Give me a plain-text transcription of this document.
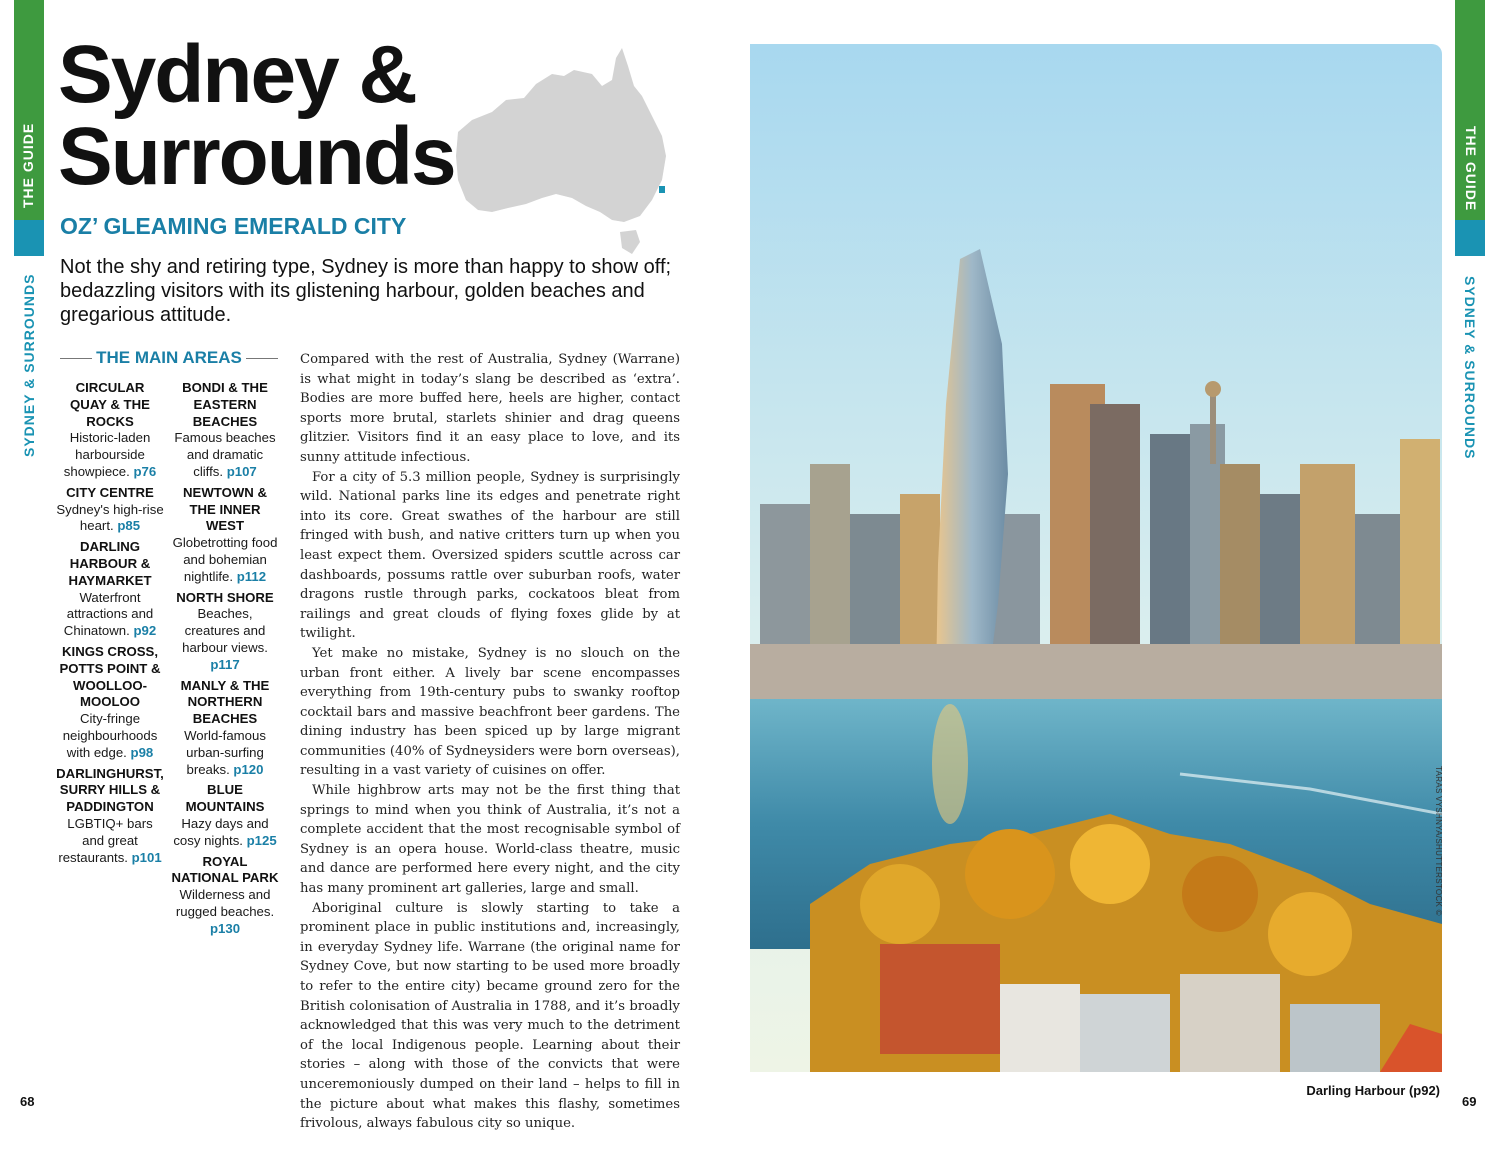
THE GUIDE
SYDNEY & SURROUNDS
THE GUIDE
SYDNEY & SURROUNDS
Sydney &
Surrounds
OZ’ GLEAMING EMERALD CITY

Not the shy and retiring type, Sydney is more than happy to show off; bedazzling visitors with its glistening harbour, golden beaches and gregarious attitude.

THE MAIN AREAS
CIRCULAR QUAY & THE ROCKS
Historic-laden harbourside showpiece. p76
CITY CENTRE
Sydney's high-rise heart. p85
DARLING HARBOUR & HAYMARKET
Waterfront attractions and Chinatown. p92
KINGS CROSS, POTTS POINT & WOOLLOO-MOOLOO
City-fringe neighbourhoods with edge. p98
DARLINGHURST, SURRY HILLS & PADDINGTON
LGBTIQ+ bars and great restaurants. p101
BONDI & THE EASTERN BEACHES
Famous beaches and dramatic cliffs. p107
NEWTOWN & THE INNER WEST
Globetrotting food and bohemian nightlife. p112
NORTH SHORE
Beaches, creatures and harbour views. p117
MANLY & THE NORTHERN BEACHES
World-famous urban-surfing breaks. p120
BLUE MOUNTAINS
Hazy days and cosy nights. p125
ROYAL NATIONAL PARK
Wilderness and rugged beaches. p130

Compared with the rest of Australia, Sydney (Warrane) is what might in today’s slang be described as ‘extra’. Bodies are more buffed here, heels are higher, contact sports more brutal, starlets shinier and drag queens glitzier. Visitors find it an easy place to love, and its sunny attitude infectious.

For a city of 5.3 million people, Sydney is surprisingly wild. National parks line its edges and penetrate right into its core. Great swathes of the harbour are still fringed with bush, and native critters turn up when you least expect them. Oversized spiders scuttle across car dashboards, possums rattle over suburban roofs, water dragons rustle through parks, cockatoos bleat from railings and great clouds of flying foxes glide by at twilight.

Yet make no mistake, Sydney is no slouch on the urban front either. A lively bar scene encompasses everything from 19th-century pubs to swanky rooftop cocktail bars and massive beachfront beer gardens. The dining industry has been spiced up by large migrant communities (40% of Sydneysiders were born overseas), resulting in a vast variety of cuisines on offer.

While highbrow arts may not be the first thing that springs to mind when you think of Australia, it’s not a complete accident that the most recognisable symbol of Sydney is an opera house. World-class theatre, music and dance are performed here every night, and the city has many prominent art galleries, large and small.

Aboriginal culture is slowly starting to take a prominent place in public institutions and, increasingly, in everyday Sydney life. Warrane (the original name for Sydney Cove, but now starting to be used more broadly to refer to the entire city) became ground zero for the British colonisation of Australia in 1788, and it’s broadly acknowledged that this was very much to the detriment of the local Indigenous people. Learning about their stories – along with those of the convicts that were unceremoniously dumped on their land – helps to fill in the picture about what makes this flashy, sometimes frivolous, always fabulous city so unique.

TARAS VYSHNYA/SHUTTERSTOCK ©
Darling Harbour (p92)
68	69
